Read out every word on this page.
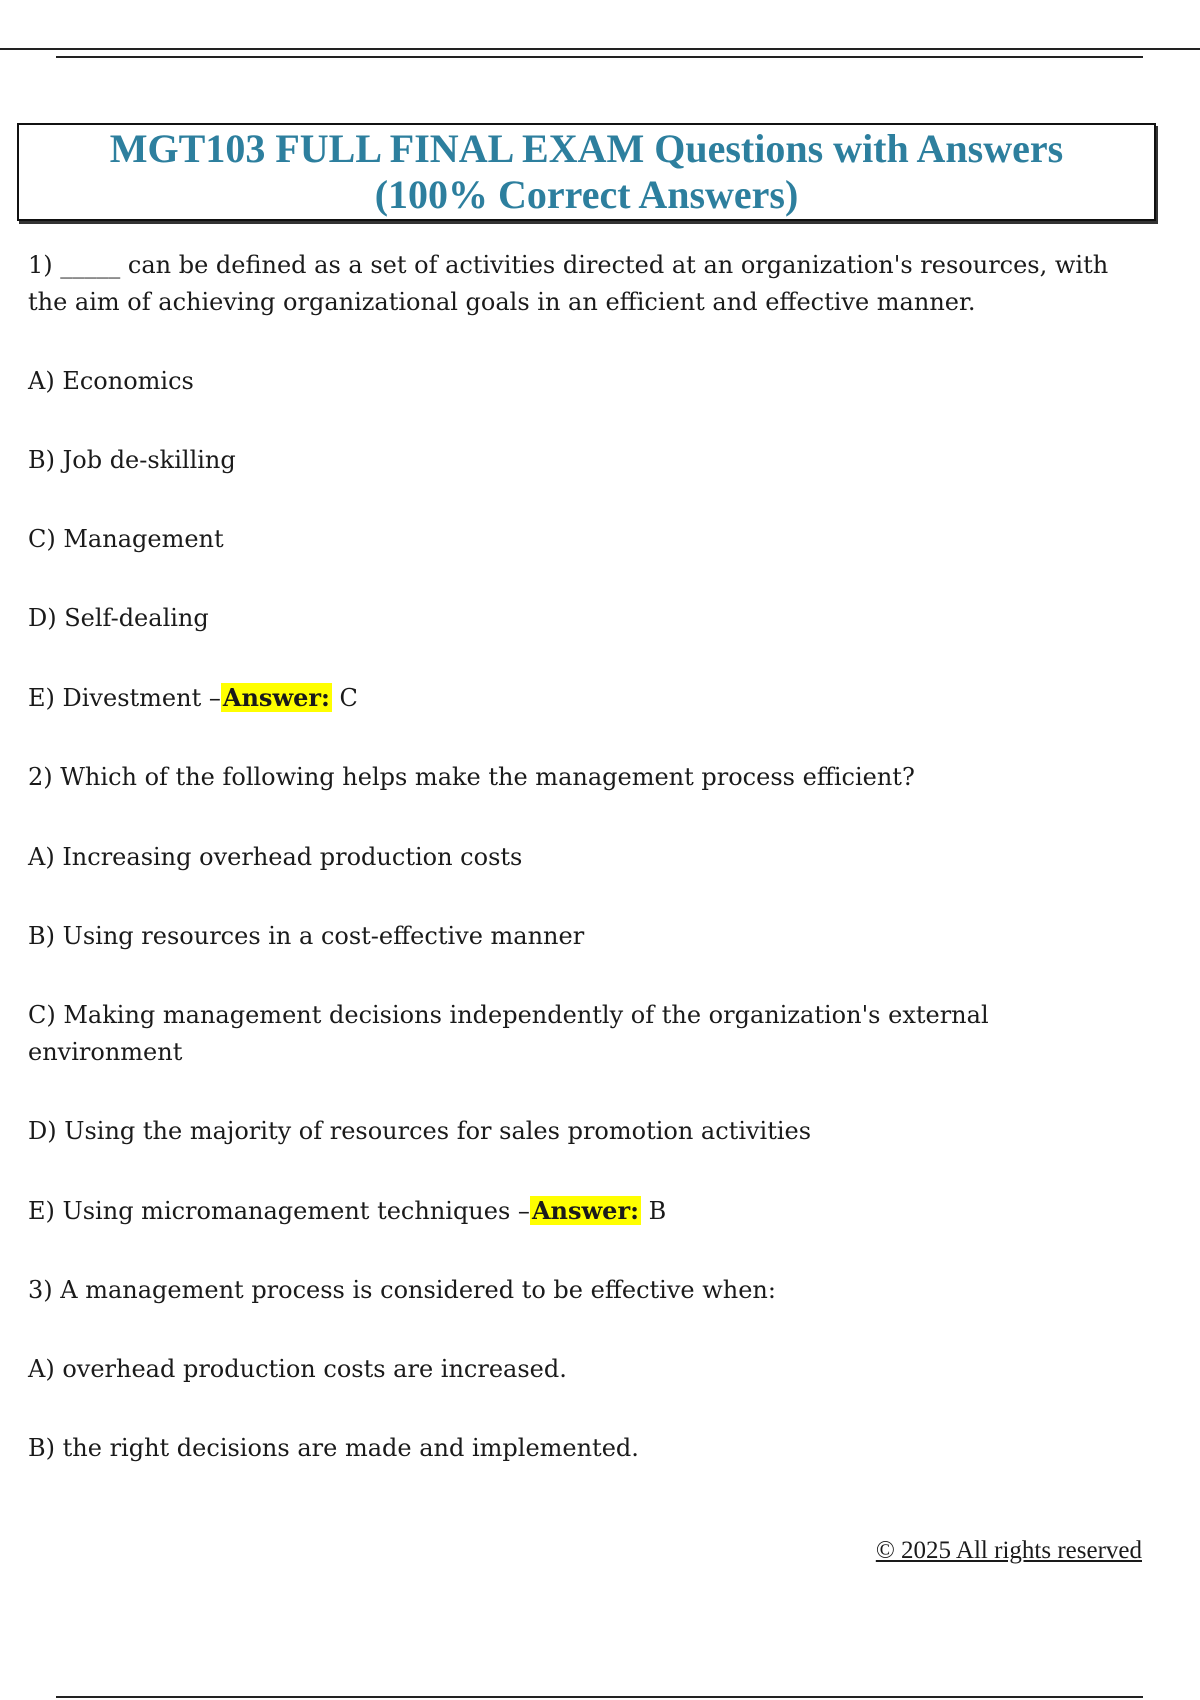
MGT103 FULL FINAL EXAM Questions with Answers

(100% Correct Answers)

1) _____ can be defined as a set of activities directed at an organization's resources, with the aim of achieving organizational goals in an efficient and effective manner.

A) Economics

B) Job de-skilling

C) Management

D) Self-dealing

E) Divestment –Answer: C

2) Which of the following helps make the management process efficient?

A) Increasing overhead production costs

B) Using resources in a cost-effective manner

C) Making management decisions independently of the organization's external environment

D) Using the majority of resources for sales promotion activities

E) Using micromanagement techniques –Answer: B

3) A management process is considered to be effective when:

A) overhead production costs are increased.

B) the right decisions are made and implemented.

© 2025 All rights reserved
